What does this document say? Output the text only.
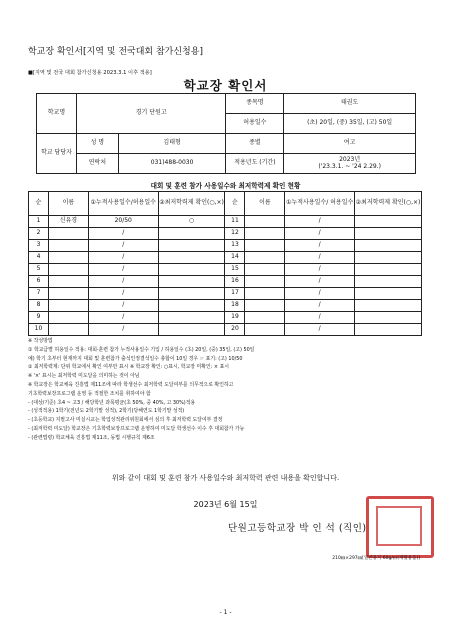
학교장 확인서[지역 및 전국대회 참가신청용]
■[지역 및 전국 대회 참가신청용 2023.3.1 이후 적용]
학교장 확인서
학교명	경기 단원고		종목명	태권도
			허용일수	(초) 20일, (중) 35일, (고) 50일
학교 담당자	성 명	김태형	종별	여고
	연락처	031)488-0030	적용년도 (기간)	2023년
('23.3.1. ~ '24 2.29.)
대회 및 훈련 참가 사용일수와 최저학력제 확인 현황
순	이름	①누적사용일수/허용일수	②최저학력제 확인(○,×)	순	이름	①누적사용일수/ 허용일수	②최저학력제 확인(○,×)
1	신유경	20/50	○	11		/	
2		/		12		/	
3		/		13		/	
4		/		14		/	
5		/		15		/	
6		/		16		/	
7		/		17		/	
8		/		18		/	
9		/		19		/	
10		/		20		/	
※ 작성방법
① 학교급별 허용일수 적용: 대회·훈련 참가 누적사용일수 기입 / 허용일수 (초) 20일, (중) 35일, (고) 50일
예) 학기 초부터 현재까지 대회 및 훈련참가 출석인정결석일수 총합이 10일 경우 ☞ 표기: (고) 10/50
② 최저학력제: 단위 학교에서 확인 여부만 표시 ※ 학교장 확인: ○표시, 학교장 미확인: × 표시
※ '×' 표시는 최저학력 미도달을 의미하는 것이 아님
※ 학교장은 학교체육 진흥법 제11조에 따라 학생선수 최저학력 도달여부를 의무적으로 확인하고
기초학력보장프로그램 운영 등 적절한 조치를 취하여야 함
- (대상/기준) 초4 ~ 고3 / 해당학년 과목평균(초 50%, 중 40%, 고 30%)적용
- (성적적용) 1학기(전년도 2학기말 성적), 2학기(당해연도 1학기말 성적)
- (초등학교) 지필고사 미실시교는 학업성적관리위원회에서 심의 후 최저학력 도달여부 결정
- (최저학력 미도달) 학교장은 기초학력보장프로그램 운영하여 미도달 학생선수 이수 후 대회참가 가능
- (관련법령) 학교체육 진흥법 제11조, 동법 시행규칙 제6조
위와 같이 대회 및 훈련 참가 사용일수와 최저학력 관련 내용을 확인합니다.
2023년 6월 15일
단원고등학교장 박 인 석 (직인)
210㎜×297㎜[일반용지 60g/㎡(재활용품)]
- 1 -
